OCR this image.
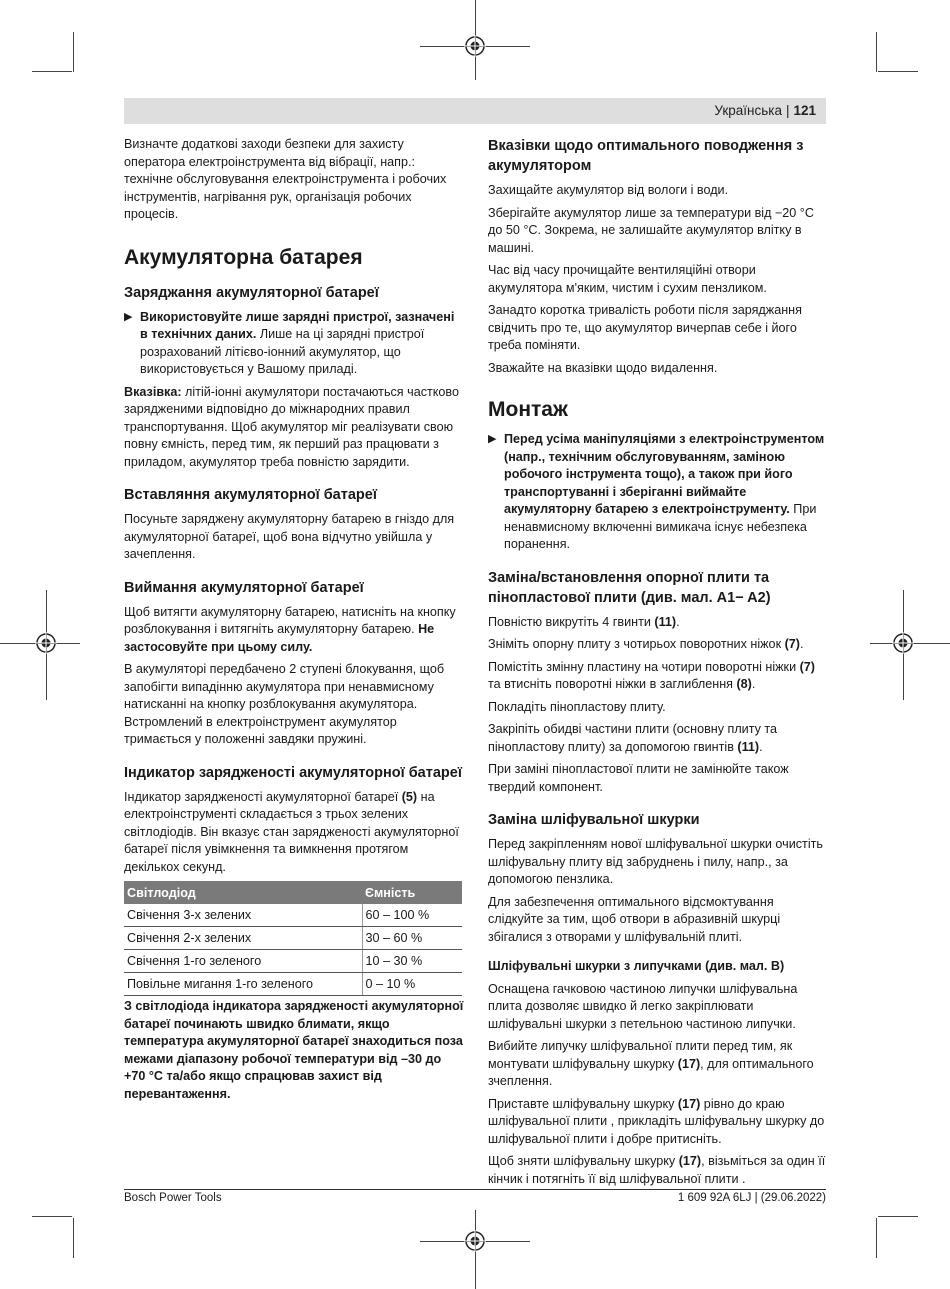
Українська | 121

Визначте додаткові заходи безпеки для захисту оператора електроінструмента від вібрації, напр.: технічне обслуговування електроінструмента і робочих інструментів, нагрівання рук, організація робочих процесів.

Акумуляторна батарея
Заряджання акумуляторної батареї

▶ Використовуйте лише зарядні пристрої, зазначені в технічних даних. Лише на ці зарядні пристрої розрахований літієво-іонний акумулятор, що використовується у Вашому приладі.

Вказівка: літій-іонні акумулятори постачаються частково зарядженими відповідно до міжнародних правил транспортування. Щоб акумулятор міг реалізувати свою повну ємність, перед тим, як перший раз працювати з приладом, акумулятор треба повністю зарядити.

Вставляння акумуляторної батареї

Посуньте заряджену акумуляторну батарею в гніздо для акумуляторної батареї, щоб вона відчутно увійшла у зачеплення.

Виймання акумуляторної батареї

Щоб витягти акумуляторну батарею, натисніть на кнопку розблокування і витягніть акумуляторну батарею. Не застосовуйте при цьому силу.

В акумуляторі передбачено 2 ступені блокування, щоб запобігти випадінню акумулятора при ненавмисному натисканні на кнопку розблокування акумулятора. Встромлений в електроінструмент акумулятор тримається у положенні завдяки пружині.

Індикатор зарядженості акумуляторної батареї

Індикатор зарядженості акумуляторної батареї (5) на електроінструменті складається з трьох зелених світлодіодів. Він вказує стан зарядженості акумуляторної батареї після увімкнення та вимкнення протягом декількох секунд.

Світлодіод	Ємність
Свічення 3-х зелених	60 – 100 %
Свічення 2-х зелених	30 – 60 %
Свічення 1-го зеленого	10 – 30 %
Повільне мигання 1-го зеленого	0 – 10 %

З світлодіода індикатора зарядженості акумуляторної батареї починають швидко блимати, якщо температура акумуляторної батареї знаходиться поза межами діапазону робочої температури від –30 до +70 °C та/або якщо спрацював захист від перевантаження.

Вказівки щодо оптимального поводження з акумулятором

Захищайте акумулятор від вологи і води.

Зберігайте акумулятор лише за температури від −20 °C до 50 °C. Зокрема, не залишайте акумулятор влітку в машині.

Час від часу прочищайте вентиляційні отвори акумулятора м'яким, чистим і сухим пензликом.

Занадто коротка тривалість роботи після заряджання свідчить про те, що акумулятор вичерпав себе і його треба поміняти.

Зважайте на вказівки щодо видалення.

Монтаж

▶ Перед усіма маніпуляціями з електроінструментом (напр., технічним обслуговуванням, заміною робочого інструмента тощо), а також при його транспортуванні і зберіганні виймайте акумуляторну батарею з електроінструменту. При ненавмисному включенні вимикача існує небезпека поранення.

Заміна/встановлення опорної плити та пінопластової плити (див. мал. A1− A2)

Повністю викрутіть 4 гвинти (11).

Зніміть опорну плиту з чотирьох поворотних ніжок (7).

Помістіть змінну пластину на чотири поворотні ніжки (7) та втисніть поворотні ніжки в заглиблення (8).

Покладіть пінопластову плиту.

Закріпіть обидві частини плити (основну плиту та пінопластову плиту) за допомогою гвинтів (11).

При заміні пінопластової плити не замінюйте також твердий компонент.

Заміна шліфувальної шкурки

Перед закріпленням нової шліфувальної шкурки очистіть шліфувальну плиту від забруднень і пилу, напр., за допомогою пензлика.

Для забезпечення оптимального відсмоктування слідкуйте за тим, щоб отвори в абразивній шкурці збігалися з отворами у шліфувальній плиті.

Шліфувальні шкурки з липучками (див. мал. B)

Оснащена гачковою частиною липучки шліфувальна плита дозволяє швидко й легко закріплювати шліфувальні шкурки з петельною частиною липучки.

Вибийте липучку шліфувальної плити перед тим, як монтувати шліфувальну шкурку (17), для оптимального зчеплення.

Приставте шліфувальну шкурку (17) рівно до краю шліфувальної плити , прикладіть шліфувальну шкурку до шліфувальної плити і добре притисніть.

Щоб зняти шліфувальну шкурку (17), візьміться за один її кінчик і потягніть її від шліфувальної плити .

Bosch Power Tools	1 609 92A 6LJ | (29.06.2022)
